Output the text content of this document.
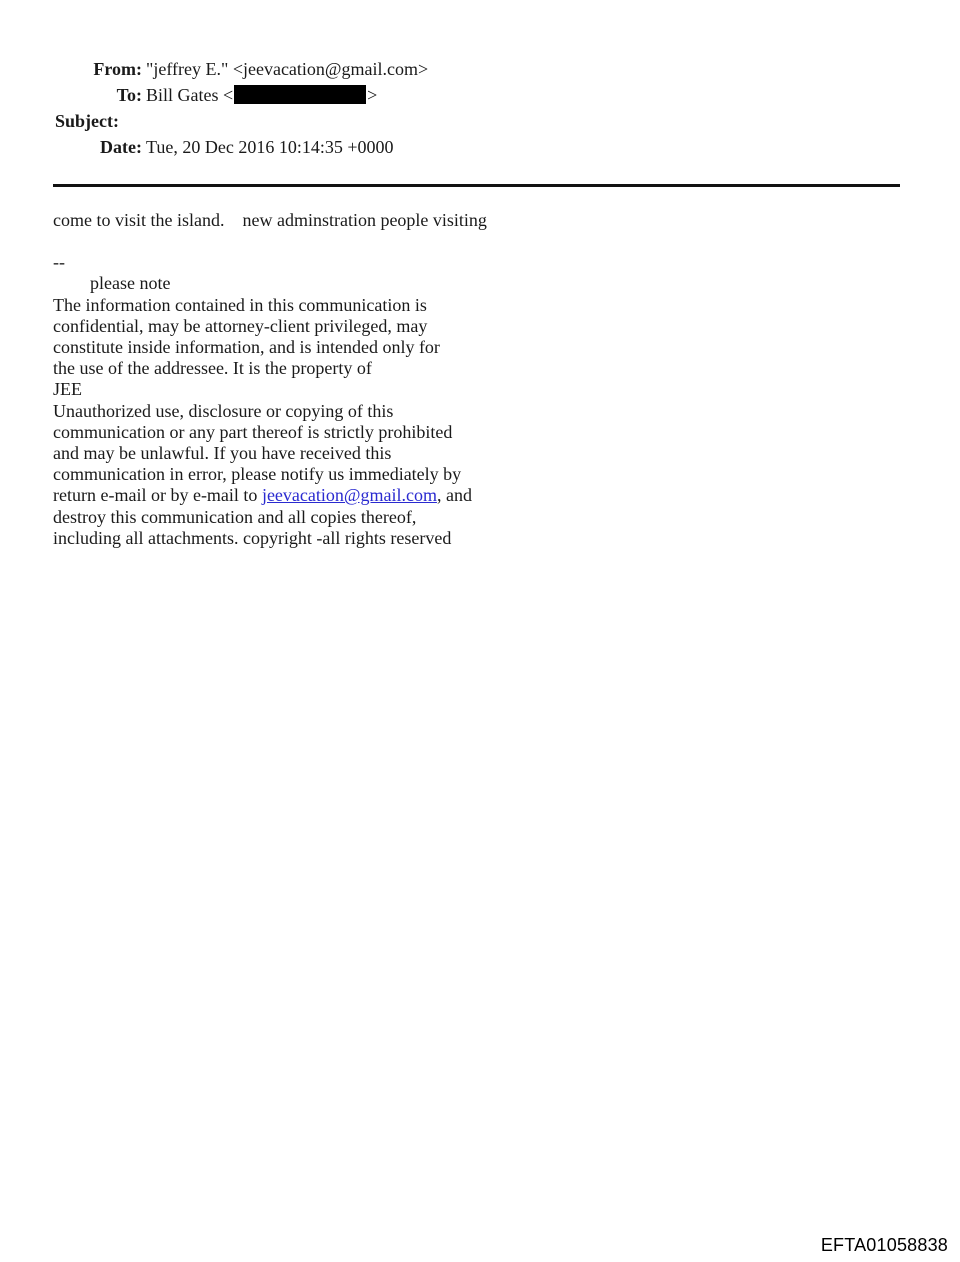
From: "jeffrey E." <jeevacation@gmail.com>
To: Bill Gates <	>
Subject:
Date: Tue, 20 Dec 2016 10:14:35 +0000
come to visit the island.    new adminstration people visiting
--
please note
The information contained in this communication is
confidential, may be attorney-client privileged, may
constitute inside information, and is intended only for
the use of the addressee. It is the property of
JEE
Unauthorized use, disclosure or copying of this
communication or any part thereof is strictly prohibited
and may be unlawful. If you have received this
communication in error, please notify us immediately by
return e-mail or by e-mail to jeevacation@gmail.com, and
destroy this communication and all copies thereof,
including all attachments. copyright -all rights reserved
EFTA01058838
